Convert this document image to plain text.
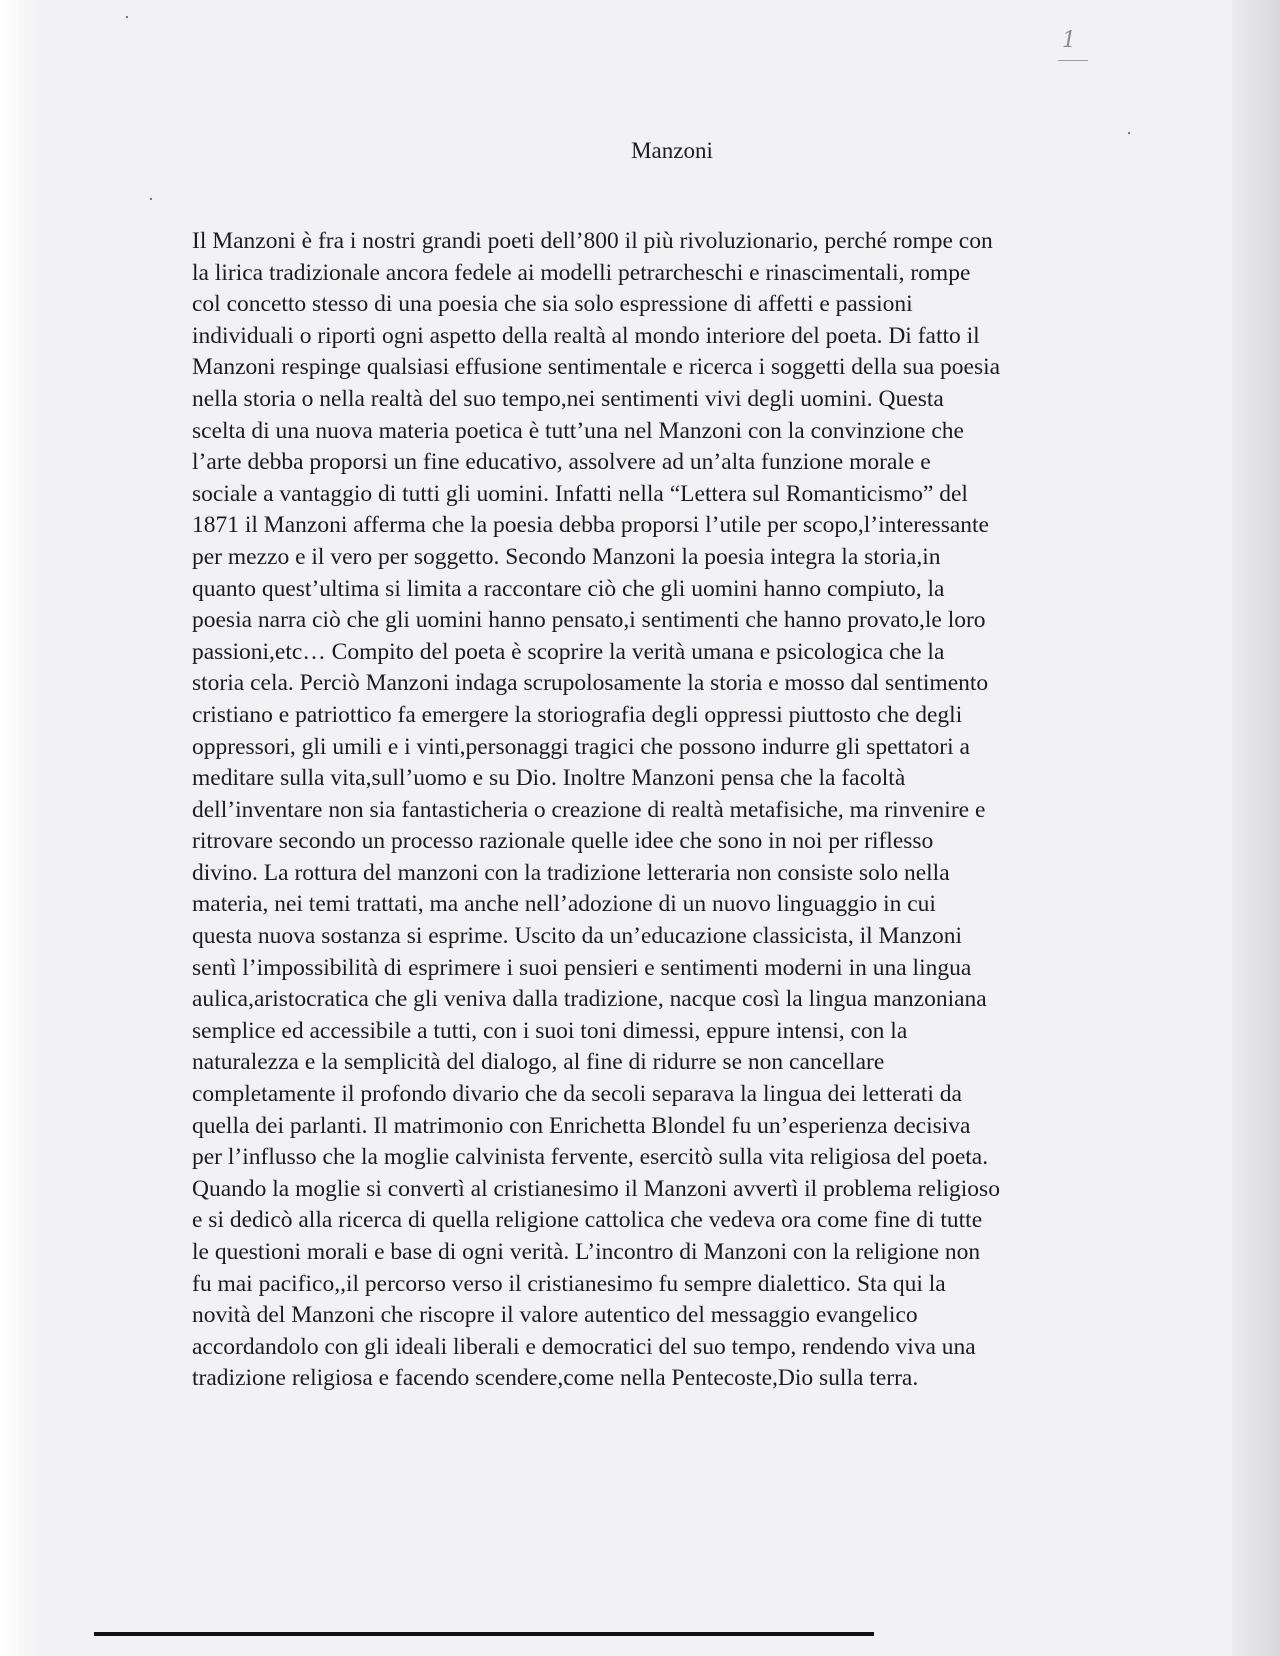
1
Manzoni

Il Manzoni è fra i nostri grandi poeti dell’800 il più rivoluzionario, perché rompe con
la lirica tradizionale ancora fedele ai modelli petrarcheschi e rinascimentali, rompe
col concetto stesso di una poesia che sia solo espressione di affetti e passioni
individuali o riporti ogni aspetto della realtà al mondo interiore del poeta. Di fatto il
Manzoni respinge qualsiasi effusione sentimentale e ricerca i soggetti della sua poesia
nella storia o nella realtà del suo tempo,nei sentimenti vivi degli uomini. Questa
scelta di una nuova materia poetica è tutt’una nel Manzoni con la convinzione che
l’arte debba proporsi un fine educativo, assolvere ad un’alta funzione morale e
sociale a vantaggio di tutti gli uomini. Infatti nella “Lettera sul Romanticismo” del
1871 il Manzoni afferma che la poesia debba proporsi l’utile per scopo,l’interessante
per mezzo e il vero per soggetto. Secondo Manzoni la poesia integra la storia,in
quanto quest’ultima si limita a raccontare ciò che gli uomini hanno compiuto, la
poesia narra ciò che gli uomini hanno pensato,i sentimenti che hanno provato,le loro
passioni,etc… Compito del poeta è scoprire la verità umana e psicologica che la
storia cela. Perciò Manzoni indaga scrupolosamente la storia e mosso dal sentimento
cristiano e patriottico fa emergere la storiografia degli oppressi piuttosto che degli
oppressori, gli umili e i vinti,personaggi tragici che possono indurre gli spettatori a
meditare sulla vita,sull’uomo e su Dio. Inoltre Manzoni pensa che la facoltà
dell’inventare non sia fantasticheria o creazione di realtà metafisiche, ma rinvenire e
ritrovare secondo un processo razionale quelle idee che sono in noi per riflesso
divino. La rottura del manzoni con la tradizione letteraria non consiste solo nella
materia, nei temi trattati, ma anche nell’adozione di un nuovo linguaggio in cui
questa nuova sostanza si esprime. Uscito da un’educazione classicista, il Manzoni
sentì l’impossibilità di esprimere i suoi pensieri e sentimenti moderni in una lingua
aulica,aristocratica che gli veniva dalla tradizione, nacque così la lingua manzoniana
semplice ed accessibile a tutti, con i suoi toni dimessi, eppure intensi, con la
naturalezza e la semplicità del dialogo, al fine di ridurre se non cancellare
completamente il profondo divario che da secoli separava la lingua dei letterati da
quella dei parlanti. Il matrimonio con Enrichetta Blondel fu un’esperienza decisiva
per l’influsso che la moglie calvinista fervente, esercitò sulla vita religiosa del poeta.
Quando la moglie si convertì al cristianesimo il Manzoni avvertì il problema religioso
e si dedicò alla ricerca di quella religione cattolica che vedeva ora come fine di tutte
le questioni morali e base di ogni verità. L’incontro di Manzoni con la religione non
fu mai pacifico,,il percorso verso il cristianesimo fu sempre dialettico. Sta qui la
novità del Manzoni che riscopre il valore autentico del messaggio evangelico
accordandolo con gli ideali liberali e democratici del suo tempo, rendendo viva una
tradizione religiosa e facendo scendere,come nella Pentecoste,Dio sulla terra.
